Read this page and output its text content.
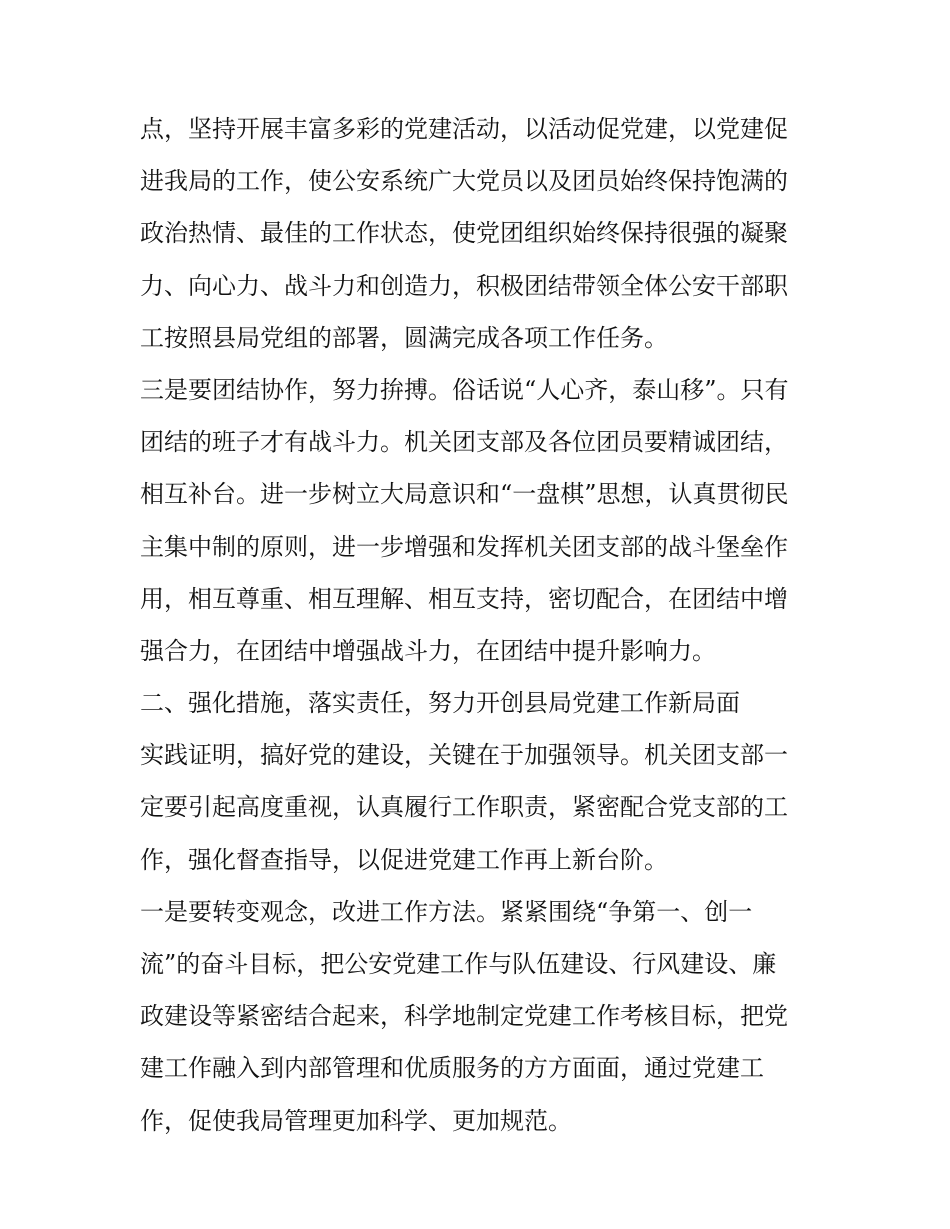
点，坚持开展丰富多彩的党建活动，以活动促党建，以党建促
进我局的工作，使公安系统广大党员以及团员始终保持饱满的
政治热情、最佳的工作状态，使党团组织始终保持很强的凝聚
力、向心力、战斗力和创造力，积极团结带领全体公安干部职
工按照县局党组的部署，圆满完成各项工作任务。
三是要团结协作，努力拚搏。俗话说“人心齐，泰山移”。只有
团结的班子才有战斗力。机关团支部及各位团员要精诚团结，
相互补台。进一步树立大局意识和“一盘棋”思想，认真贯彻民
主集中制的原则，进一步增强和发挥机关团支部的战斗堡垒作
用，相互尊重、相互理解、相互支持，密切配合，在团结中增
强合力，在团结中增强战斗力，在团结中提升影响力。
二、强化措施，落实责任，努力开创县局党建工作新局面
实践证明，搞好党的建设，关键在于加强领导。机关团支部一
定要引起高度重视，认真履行工作职责，紧密配合党支部的工
作，强化督查指导，以促进党建工作再上新台阶。
一是要转变观念，改进工作方法。紧紧围绕“争第一、创一
流”的奋斗目标，把公安党建工作与队伍建设、行风建设、廉
政建设等紧密结合起来，科学地制定党建工作考核目标，把党
建工作融入到内部管理和优质服务的方方面面，通过党建工
作，促使我局管理更加科学、更加规范。
